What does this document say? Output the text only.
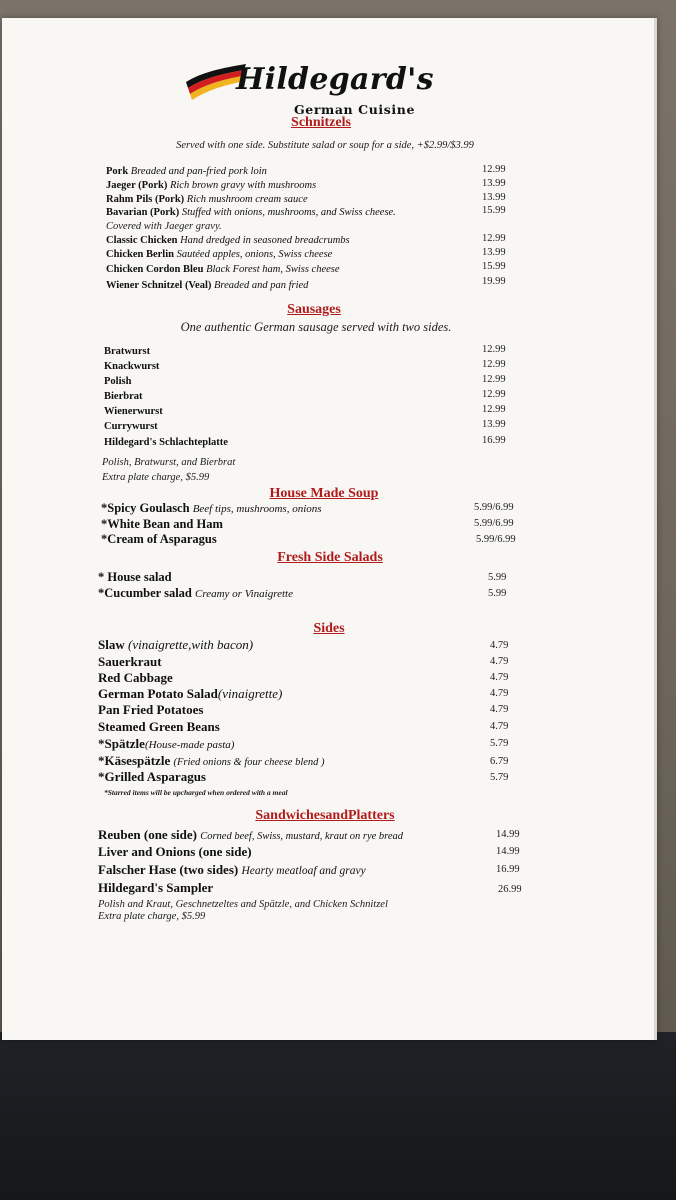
Hildegard's

German Cuisine

Schnitzels

Served with one side. Substitute salad or soup for a side, +$2.99/$3.99

Pork Breaded and pan-fried pork loin	12.99

Jaeger (Pork) Rich brown gravy with mushrooms	13.99

Rahm Pils (Pork) Rich mushroom cream sauce	13.99

Bavarian (Pork) Stuffed with onions, mushrooms, and Swiss cheese.	15.99

Covered with Jaeger gravy.

Classic Chicken Hand dredged in seasoned breadcrumbs	12.99

Chicken Berlin Sautéed apples, onions, Swiss cheese	13.99

Chicken Cordon Bleu Black Forest ham, Swiss cheese	15.99

Wiener Schnitzel (Veal) Breaded and pan fried	19.99

Sausages

One authentic German sausage served with two sides.

Bratwurst	12.99

Knackwurst	12.99

Polish	12.99

Bierbrat	12.99

Wienerwurst	12.99

Currywurst	13.99

Hildegard's Schlachteplatte	16.99

Polish, Bratwurst, and Bierbrat

Extra plate charge, $5.99

House Made Soup

*Spicy Goulasch Beef tips, mushrooms, onions	5.99/6.99

*White Bean and Ham	5.99/6.99

*Cream of Asparagus	5.99/6.99

Fresh Side Salads

* House salad	5.99

*Cucumber salad Creamy or Vinaigrette	5.99

Sides

Slaw (vinaigrette,with bacon)	4.79

Sauerkraut	4.79

Red Cabbage	4.79

German Potato Salad(vinaigrette)	4.79

Pan Fried Potatoes	4.79

Steamed Green Beans	4.79

*Spätzle(House-made pasta)	5.79

*Käsespätzle (Fried onions & four cheese blend )	6.79

*Grilled Asparagus	5.79

*Starred items will be upcharged when ordered with a meal

SandwichesandPlatters

Reuben (one side) Corned beef, Swiss, mustard, kraut on rye bread	14.99

Liver and Onions (one side)	14.99

Falscher Hase (two sides) Hearty meatloaf and gravy	16.99

Hildegard's Sampler	26.99

Polish and Kraut, Geschnetzeltes and Spätzle, and Chicken Schnitzel

Extra plate charge, $5.99
